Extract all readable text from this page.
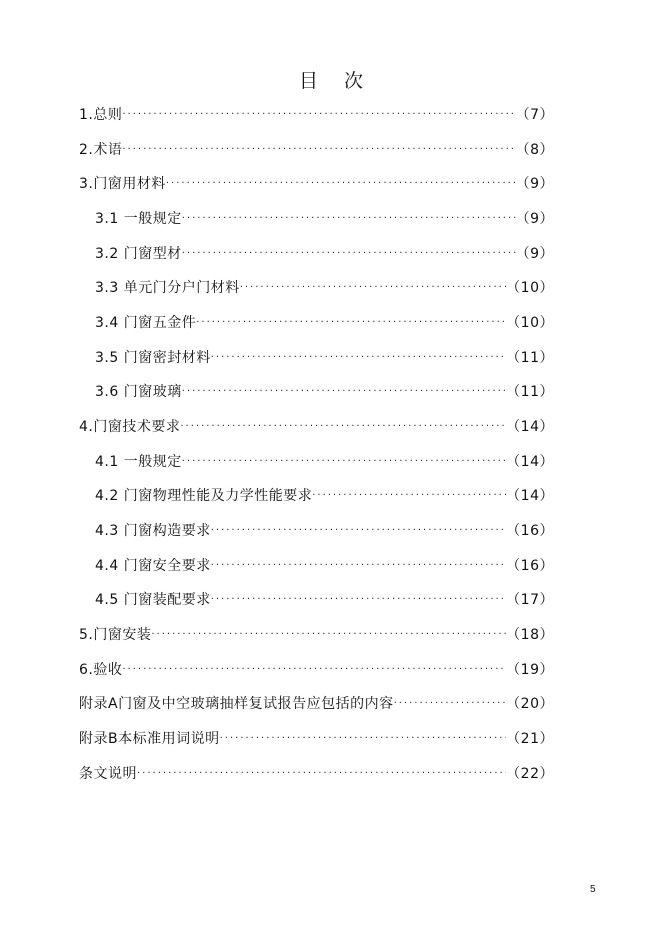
目 次
1.总则 ·····	（7）
2.术语 ·····	（8）
3.门窗用材料 ·····	（9）
3.1 一般规定 ·····	（9）
3.2 门窗型材 ·····	（9）
3.3 单元门分户门材料 ·····	（10）
3.4 门窗五金件 ·····	（10）
3.5 门窗密封材料 ·····	（11）
3.6 门窗玻璃 ·····	（11）
4.门窗技术要求 ·····	（14）
4.1 一般规定 ·····	（14）
4.2 门窗物理性能及力学性能要求 ·····	（14）
4.3 门窗构造要求 ·····	（16）
4.4 门窗安全要求 ·····	（16）
4.5 门窗装配要求 ·····	（17）
5.门窗安装 ·····	（18）
6.验收 ·····	（19）
附录A门窗及中空玻璃抽样复试报告应包括的内容 ·····	（20）
附录B本标准用词说明 ·····	（21）
条文说明 ·····	（22）
5
